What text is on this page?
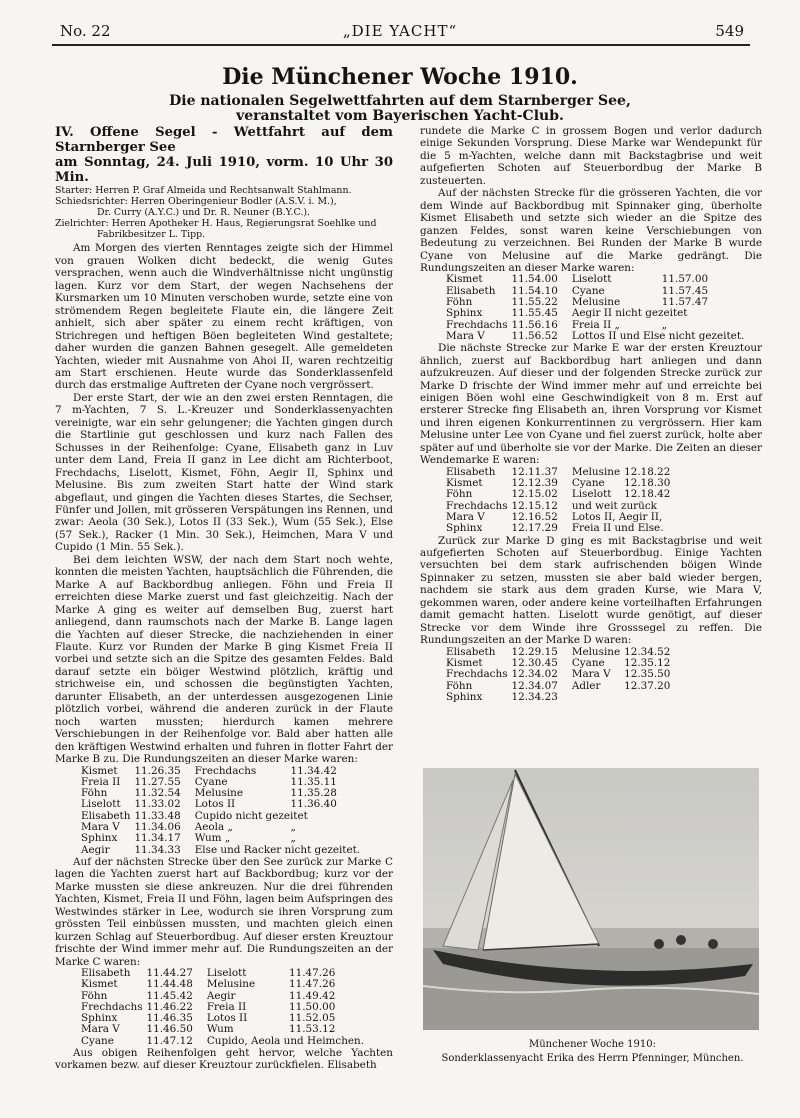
No. 22	„DIE YACHT“	549
Die Münchener Woche 1910.
Die nationalen Segelwettfahrten auf dem Starnberger See,
veranstaltet vom Bayerischen Yacht-Club.

IV. Offene Segel - Wettfahrt auf dem Starnberger See
am Sonntag, 24. Juli 1910, vorm. 10 Uhr 30 Min.

Starter: Herren P. Graf Almeida und Rechtsanwalt Stahlmann.

Schiedsrichter: Herren Oberingenieur Bodler (A.S.V. i. M.),

Dr. Curry (A.Y.C.) und Dr. R. Neuner (B.Y.C.).

Zielrichter: Herren Apotheker H. Haus, Regierungsrat Soehlke und

Fabrikbesitzer L. Tipp.

Am Morgen des vierten Renntages zeigte sich der Himmel von grauen Wolken dicht bedeckt, die wenig Gutes versprachen, wenn auch die Windverhältnisse nicht ungünstig lagen. Kurz vor dem Start, der wegen Nachsehens der Kursmarken um 10 Minuten verschoben wurde, setzte eine von strömendem Regen begleitete Flaute ein, die längere Zeit anhielt, sich aber später zu einem recht kräftigen, von Strichregen und heftigen Böen begleiteten Wind gestaltete; daher wurden die ganzen Bahnen gesegelt. Alle gemeldeten Yachten, wieder mit Ausnahme von Ahoi II, waren rechtzeitig am Start erschienen. Heute wurde das Sonderklassenfeld durch das erstmalige Auftreten der Cyane noch vergrössert.

Der erste Start, der wie an den zwei ersten Renntagen, die 7 m-Yachten, 7 S. L.-Kreuzer und Sonderklassenyachten vereinigte, war ein sehr gelungener; die Yachten gingen durch die Startlinie gut geschlossen und kurz nach Fallen des Schusses in der Reihenfolge: Cyane, Elisabeth ganz in Luv unter dem Land, Freia II ganz in Lee dicht am Richterboot, Frechdachs, Liselott, Kismet, Föhn, Aegir II, Sphinx und Melusine. Bis zum zweiten Start hatte der Wind stark abgeflaut, und gingen die Yachten dieses Startes, die Sechser, Fünfer und Jollen, mit grösseren Verspätungen ins Rennen, und zwar: Aeola (30 Sek.), Lotos II (33 Sek.), Wum (55 Sek.), Else (57 Sek.), Racker (1 Min. 30 Sek.), Heimchen, Mara V und Cupido (1 Min. 55 Sek.).

Bei dem leichten WSW, der nach dem Start noch wehte, konnten die meisten Yachten, hauptsächlich die Führenden, die Marke A auf Backbordbug anliegen. Föhn und Freia II erreichten diese Marke zuerst und fast gleichzeitig. Nach der Marke A ging es weiter auf demselben Bug, zuerst hart anliegend, dann raumschots nach der Marke B. Lange lagen die Yachten auf dieser Strecke, die nachziehenden in einer Flaute. Kurz vor Runden der Marke B ging Kismet Freia II vorbei und setzte sich an die Spitze des gesamten Feldes. Bald darauf setzte ein böiger Westwind plötzlich, kräftig und strichweise ein, und schossen die begünstigten Yachten, darunter Elisabeth, an der unterdessen ausgezogenen Linie plötzlich vorbei, während die anderen zurück in der Flaute noch warten mussten; hierdurch kamen mehrere Verschiebungen in der Reihenfolge vor. Bald aber hatten alle den kräftigen Westwind erhalten und fuhren in flotter Fahrt der Marke B zu. Die Rundungszeiten an dieser Marke waren:

Kismet	11.26.35	Frechdachs	11.34.42
Freia II	11.27.55	Cyane	11.35.11
Föhn	11.32.54	Melusine	11.35.28
Liselott	11.33.02	Lotos II	11.36.40
Elisabeth	11.33.48	Cupido nicht gezeitet	
Mara V	11.34.06	Aeola „	„
Sphinx	11.34.17	Wum „	„
Aegir	11.34.33	Else und Racker nicht gezeitet.	

Auf der nächsten Strecke über den See zurück zur Marke C lagen die Yachten zuerst hart auf Backbordbug; kurz vor der Marke mussten sie diese ankreuzen. Nur die drei führenden Yachten, Kismet, Freia II und Föhn, lagen beim Aufspringen des Westwindes stärker in Lee, wodurch sie ihren Vorsprung zum grössten Teil einbüssen mussten, und machten gleich einen kurzen Schlag auf Steuerbordbug. Auf dieser ersten Kreuztour frischte der Wind immer mehr auf. Die Rundungszeiten an der Marke C waren:

Elisabeth	11.44.27	Liselott	11.47.26
Kismet	11.44.48	Melusine	11.47.26
Föhn	11.45.42	Aegir	11.49.42
Frechdachs	11.46.22	Freia II	11.50.00
Sphinx	11.46.35	Lotos II	11.52.05
Mara V	11.46.50	Wum	11.53.12
Cyane	11.47.12	Cupido, Aeola und Heimchen.	

Aus obigen Reihenfolgen geht hervor, welche Yachten vorkamen bezw. auf dieser Kreuztour zurückfielen. Elisabeth

rundete die Marke C in grossem Bogen und verlor dadurch einige Sekunden Vorsprung. Diese Marke war Wendepunkt für die 5 m-Yachten, welche dann mit Backstagbrise und weit aufgefierten Schoten auf Steuerbordbug der Marke B zusteuerten.

Auf der nächsten Strecke für die grösseren Yachten, die vor dem Winde auf Backbordbug mit Spinnaker ging, überholte Kismet Elisabeth und setzte sich wieder an die Spitze des ganzen Feldes, sonst waren keine Verschiebungen von Bedeutung zu verzeichnen. Bei Runden der Marke B wurde Cyane von Melusine auf die Marke gedrängt. Die Rundungszeiten an dieser Marke waren:

Kismet	11.54.00	Liselott	11.57.00
Elisabeth	11.54.10	Cyane	11.57.45
Föhn	11.55.22	Melusine	11.57.47
Sphinx	11.55.45	Aegir II nicht gezeitet	
Frechdachs	11.56.16	Freia II „	„
Mara V	11.56.52	Lottos II und Else nicht gezeitet.	

Die nächste Strecke zur Marke E war der ersten Kreuztour ähnlich, zuerst auf Backbordbug hart anliegen und dann aufzukreuzen. Auf dieser und der folgenden Strecke zurück zur Marke D frischte der Wind immer mehr auf und erreichte bei einigen Böen wohl eine Geschwindigkeit von 8 m. Erst auf ersterer Strecke fing Elisabeth an, ihren Vorsprung vor Kismet und ihren eigenen Konkurrentinnen zu vergrössern. Hier kam Melusine unter Lee von Cyane und fiel zuerst zurück, holte aber später auf und überholte sie vor der Marke. Die Zeiten an dieser Wendemarke E waren:

Elisabeth	12.11.37	Melusine	12.18.22
Kismet	12.12.39	Cyane	12.18.30
Föhn	12.15.02	Liselott	12.18.42
Frechdachs	12.15.12	und weit zurück	
Mara V	12.16.52	Lotos II, Aegir II,	
Sphinx	12.17.29	Freia II und Else.	

Zurück zur Marke D ging es mit Backstagbrise und weit aufgefierten Schoten auf Steuerbordbug. Einige Yachten versuchten bei dem stark aufrischenden böigen Winde Spinnaker zu setzen, mussten sie aber bald wieder bergen, nachdem sie stark aus dem graden Kurse, wie Mara V, gekommen waren, oder andere keine vorteilhaften Erfahrungen damit gemacht hatten. Liselott wurde genötigt, auf dieser Strecke vor dem Winde ihre Grosssegel zu reffen. Die Rundungszeiten an der Marke D waren:

Elisabeth	12.29.15	Melusine	12.34.52
Kismet	12.30.45	Cyane	12.35.12
Frechdachs	12.34.02	Mara V	12.35.50
Föhn	12.34.07	Adler	12.37.20
Sphinx	12.34.23		
Münchener Woche 1910:
Sonderklassenyacht Erika des Herrn Pfenninger, München.
